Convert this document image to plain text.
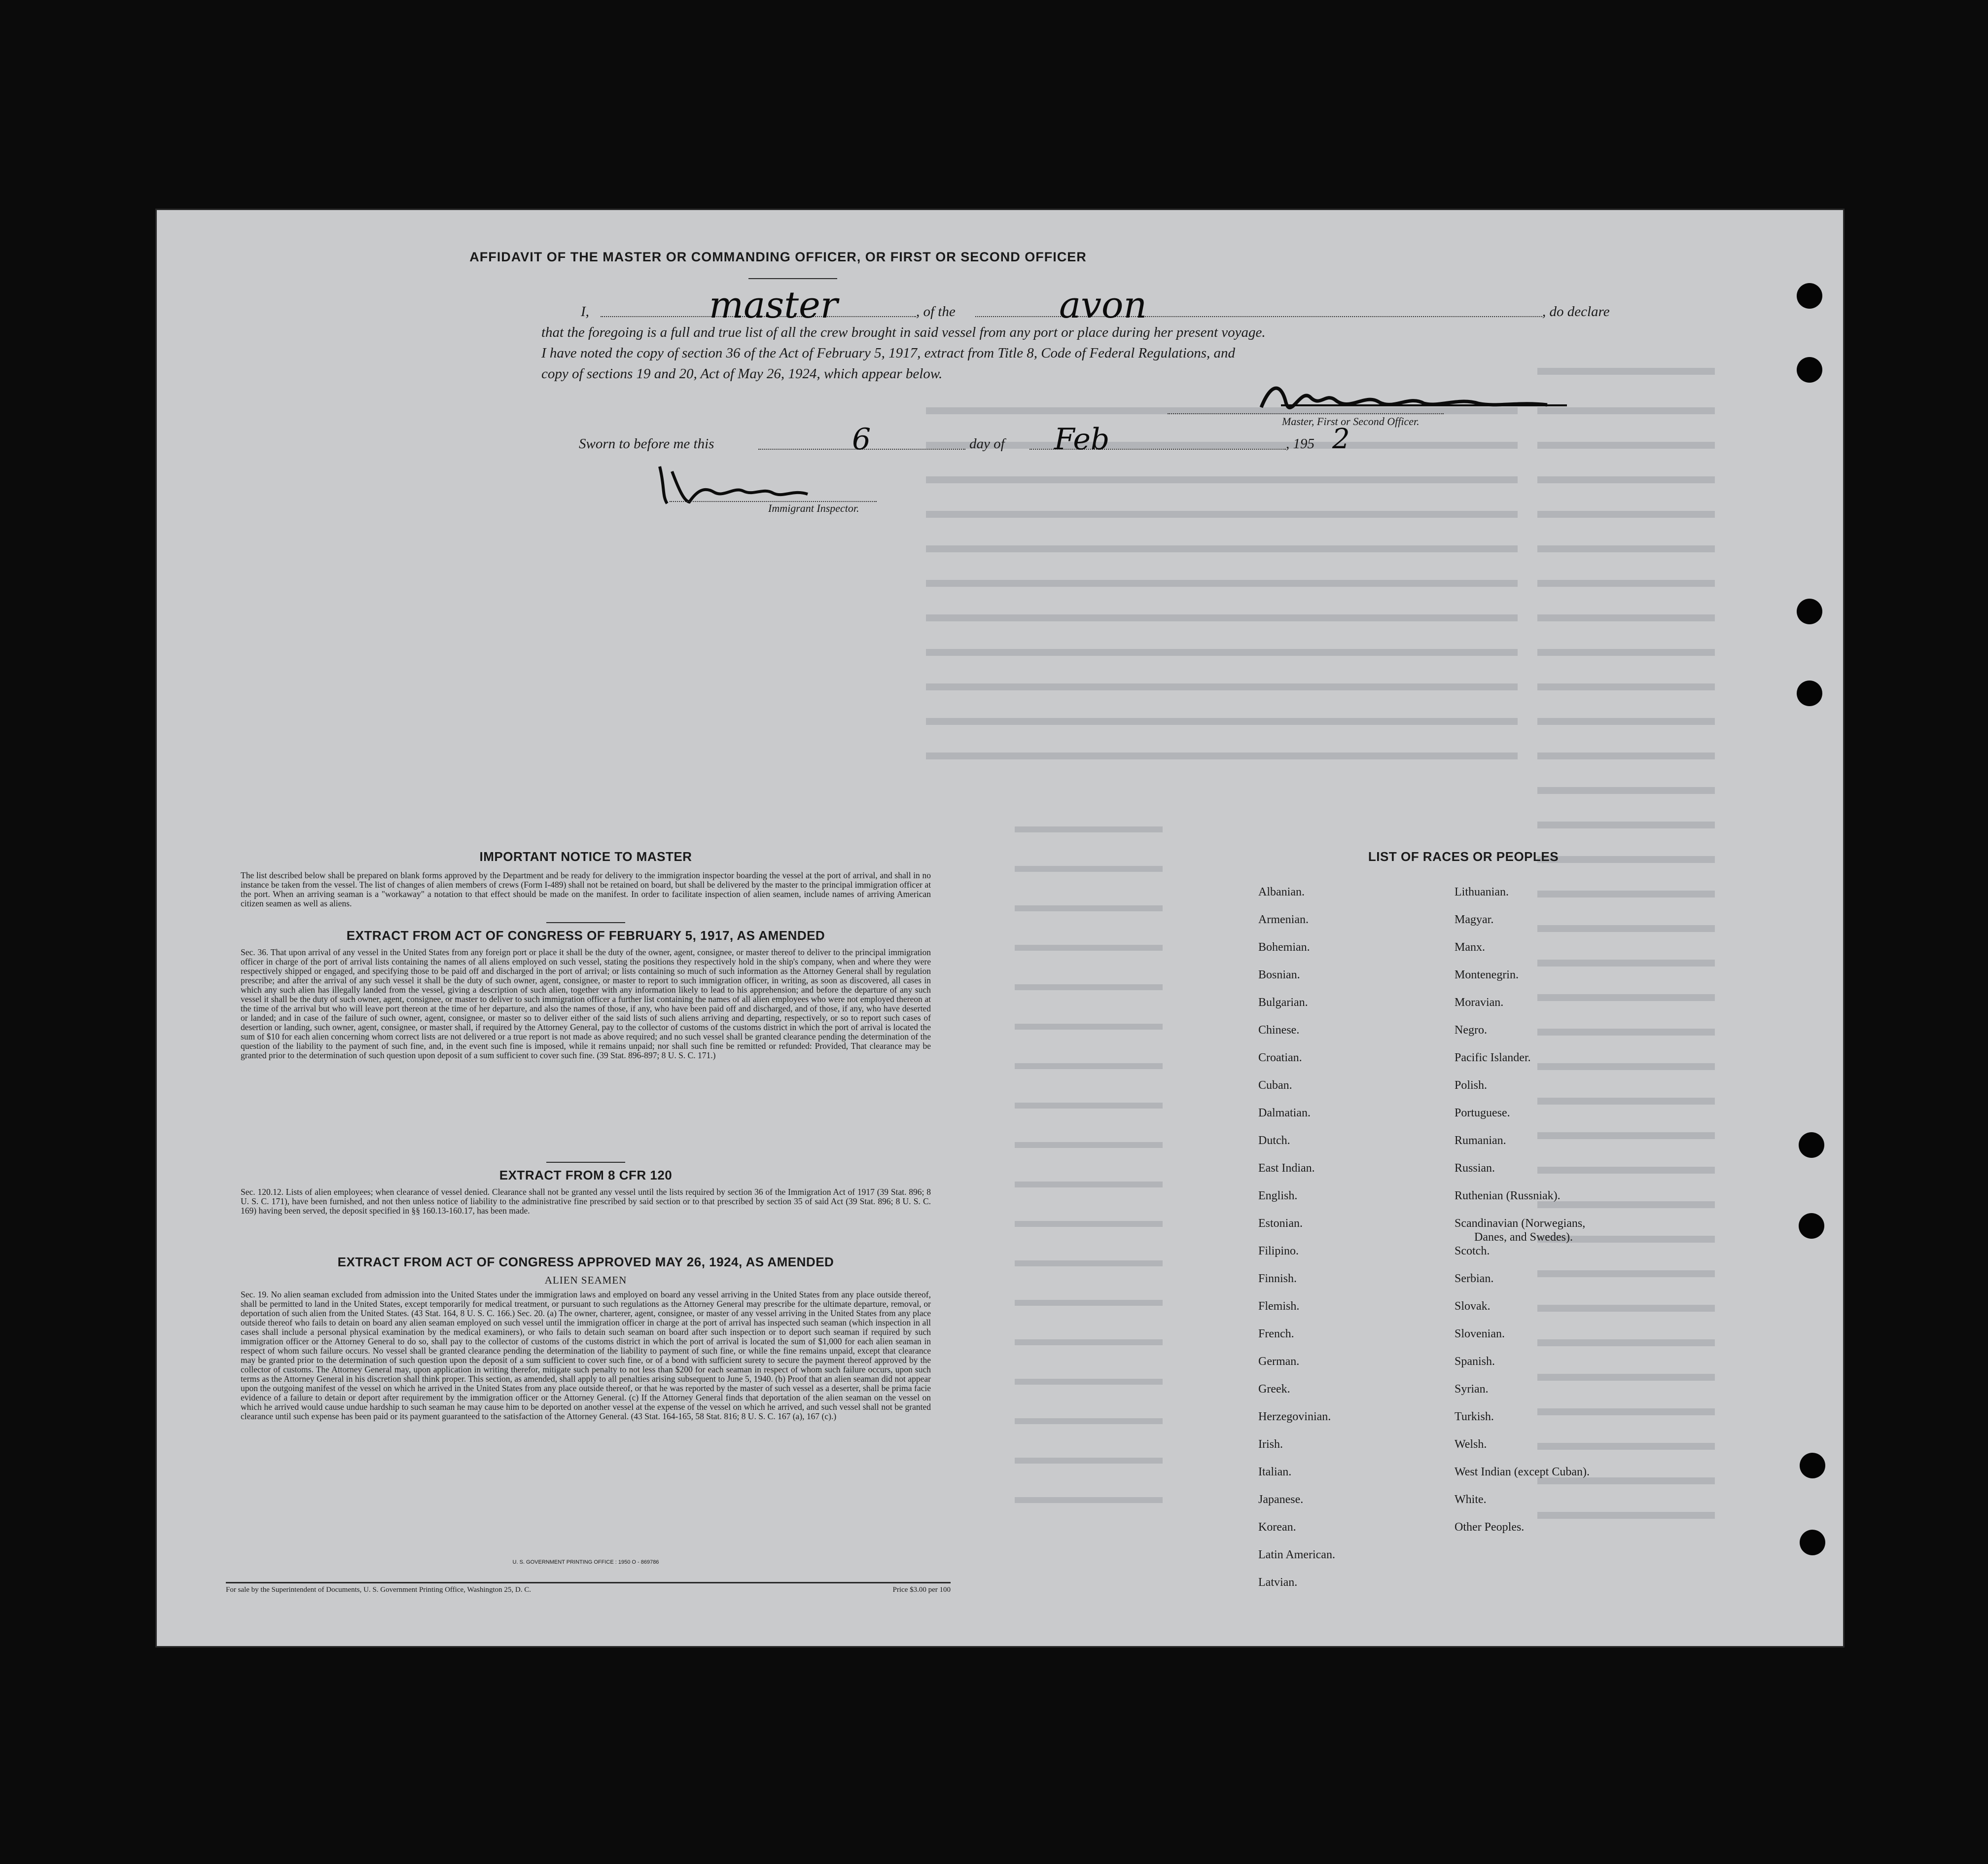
AFFIDAVIT OF THE MASTER OR COMMANDING OFFICER, OR FIRST OR SECOND OFFICER
I,	master	, of the	avon	, do declare
that the foregoing is a full and true list of all the crew brought in said vessel from any port or place during her present voyage.
I have noted the copy of section 36 of the Act of February 5, 1917, extract from Title 8, Code of Federal Regulations, and
copy of sections 19 and 20, Act of May 26, 1924, which appear below.
Master, First or Second Officer.
Sworn to before me this	6	day of Feb	, 195 2
Immigrant Inspector.
IMPORTANT NOTICE TO MASTER
The list described below shall be prepared on blank forms approved by the Department and be ready for delivery to the immigration inspector boarding the vessel at the port of arrival, and shall in no instance be taken from the vessel. The list of changes of alien members of crews (Form I-489) shall not be retained on board, but shall be delivered by the master to the principal immigration officer at the port. When an arriving seaman is a "workaway" a notation to that effect should be made on the manifest. In order to facilitate inspection of alien seamen, include names of arriving American citizen seamen as well as aliens.
EXTRACT FROM ACT OF CONGRESS OF FEBRUARY 5, 1917, AS AMENDED
Sec. 36. That upon arrival of any vessel in the United States from any foreign port or place it shall be the duty of the owner, agent, consignee, or master thereof to deliver to the principal immigration officer in charge of the port of arrival lists containing the names of all aliens employed on such vessel, stating the positions they respectively hold in the ship's company, when and where they were respectively shipped or engaged, and specifying those to be paid off and discharged in the port of arrival; or lists containing so much of such information as the Attorney General shall by regulation prescribe; and after the arrival of any such vessel it shall be the duty of such owner, agent, consignee, or master to report to such immigration officer, in writing, as soon as discovered, all cases in which any such alien has illegally landed from the vessel, giving a description of such alien, together with any information likely to lead to his apprehension; and before the departure of any such vessel it shall be the duty of such owner, agent, consignee, or master to deliver to such immigration officer a further list containing the names of all alien employees who were not employed thereon at the time of the arrival but who will leave port thereon at the time of her departure, and also the names of those, if any, who have been paid off and discharged, and of those, if any, who have deserted or landed; and in case of the failure of such owner, agent, consignee, or master so to deliver either of the said lists of such aliens arriving and departing, respectively, or so to report such cases of desertion or landing, such owner, agent, consignee, or master shall, if required by the Attorney General, pay to the collector of customs of the customs district in which the port of arrival is located the sum of $10 for each alien concerning whom correct lists are not delivered or a true report is not made as above required; and no such vessel shall be granted clearance pending the determination of the question of the liability to the payment of such fine, and, in the event such fine is imposed, while it remains unpaid; nor shall such fine be remitted or refunded: Provided, That clearance may be granted prior to the determination of such question upon deposit of a sum sufficient to cover such fine. (39 Stat. 896-897; 8 U. S. C. 171.)
EXTRACT FROM 8 CFR 120
Sec. 120.12. Lists of alien employees; when clearance of vessel denied. Clearance shall not be granted any vessel until the lists required by section 36 of the Immigration Act of 1917 (39 Stat. 896; 8 U. S. C. 171), have been furnished, and not then unless notice of liability to the administrative fine prescribed by said section or to that prescribed by section 35 of said Act (39 Stat. 896; 8 U. S. C. 169) having been served, the deposit specified in §§ 160.13-160.17, has been made.
EXTRACT FROM ACT OF CONGRESS APPROVED MAY 26, 1924, AS AMENDED
ALIEN SEAMEN
Sec. 19. No alien seaman excluded from admission into the United States under the immigration laws and employed on board any vessel arriving in the United States from any place outside thereof, shall be permitted to land in the United States, except temporarily for medical treatment, or pursuant to such regulations as the Attorney General may prescribe for the ultimate departure, removal, or deportation of such alien from the United States. (43 Stat. 164, 8 U. S. C. 166.) Sec. 20. (a) The owner, charterer, agent, consignee, or master of any vessel arriving in the United States from any place outside thereof who fails to detain on board any alien seaman employed on such vessel until the immigration officer in charge at the port of arrival has inspected such seaman (which inspection in all cases shall include a personal physical examination by the medical examiners), or who fails to detain such seaman on board after such inspection or to deport such seaman if required by such immigration officer or the Attorney General to do so, shall pay to the collector of customs of the customs district in which the port of arrival is located the sum of $1,000 for each alien seaman in respect of whom such failure occurs. No vessel shall be granted clearance pending the determination of the liability to payment of such fine, or while the fine remains unpaid, except that clearance may be granted prior to the determination of such question upon the deposit of a sum sufficient to cover such fine, or of a bond with sufficient surety to secure the payment thereof approved by the collector of customs. The Attorney General may, upon application in writing therefor, mitigate such penalty to not less than $200 for each seaman in respect of whom such failure occurs, upon such terms as the Attorney General in his discretion shall think proper. This section, as amended, shall apply to all penalties arising subsequent to June 5, 1940. (b) Proof that an alien seaman did not appear upon the outgoing manifest of the vessel on which he arrived in the United States from any place outside thereof, or that he was reported by the master of such vessel as a deserter, shall be prima facie evidence of a failure to detain or deport after requirement by the immigration officer or the Attorney General. (c) If the Attorney General finds that deportation of the alien seaman on the vessel on which he arrived would cause undue hardship to such seaman he may cause him to be deported on another vessel at the expense of the vessel on which he arrived, and such vessel shall not be granted clearance until such expense has been paid or its payment guaranteed to the satisfaction of the Attorney General. (43 Stat. 164-165, 58 Stat. 816; 8 U. S. C. 167 (a), 167 (c).)
U. S. GOVERNMENT PRINTING OFFICE : 1950 O - 869786
For sale by the Superintendent of Documents, U. S. Government Printing Office, Washington 25, D. C.	Price $3.00 per 100
LIST OF RACES OR PEOPLES
Albanian.
Armenian.
Bohemian.
Bosnian.
Bulgarian.
Chinese.
Croatian.
Cuban.
Dalmatian.
Dutch.
East Indian.
English.
Estonian.
Filipino.
Finnish.
Flemish.
French.
German.
Greek.
Herzegovinian.
Irish.
Italian.
Japanese.
Korean.
Latin American.
Latvian.
Lithuanian.
Magyar.
Manx.
Montenegrin.
Moravian.
Negro.
Pacific Islander.
Polish.
Portuguese.
Rumanian.
Russian.
Ruthenian (Russniak).
Scandinavian (Norwegians,
Danes, and Swedes).
Scotch.
Serbian.
Slovak.
Slovenian.
Spanish.
Syrian.
Turkish.
Welsh.
West Indian (except Cuban).
White.
Other Peoples.
